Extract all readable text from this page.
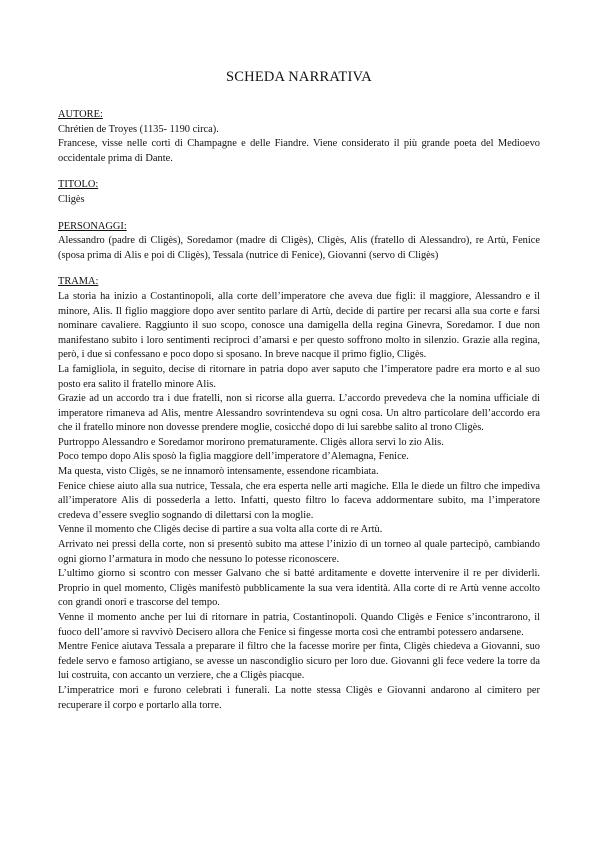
SCHEDA NARRATIVA
AUTORE:

Chrétien de Troyes (1135- 1190 circa).

Francese, visse nelle corti di Champagne e delle Fiandre. Viene considerato il più grande poeta del Medioevo occidentale prima di Dante.

TITOLO:

Cligès

PERSONAGGI:

Alessandro (padre di Cligès), Soredamor (madre di Cligès), Cligès, Alis (fratello di Alessandro), re Artù, Fenice (sposa prima di Alis e poi di Cligès), Tessala (nutrice di Fenice), Giovanni (servo di Cligès)

TRAMA:

La storia ha inizio a Costantinopoli, alla corte dell’imperatore che aveva due figli: il maggiore, Alessandro e il minore, Alis. Il figlio maggiore dopo aver sentito parlare di Artù, decide di partire per recarsi alla sua corte e farsi nominare cavaliere. Raggiunto il suo scopo, conosce una damigella della regina Ginevra, Soredamor. I due non manifestano subito i loro sentimenti reciproci d’amarsi e per questo soffrono molto in silenzio. Grazie alla regina, però, i due si confessano e poco dopo si sposano. In breve nacque il primo figlio, Cligès.

La famigliola, in seguito, decise di ritornare in patria dopo aver saputo che l’imperatore padre era morto e al suo posto era salito il fratello minore Alis.

Grazie ad un accordo tra i due fratelli, non si ricorse alla guerra. L’accordo prevedeva che la nomina ufficiale di imperatore rimaneva ad Alis, mentre Alessandro sovrintendeva su ogni cosa. Un altro particolare dell’accordo era che il fratello minore non dovesse prendere moglie, cosicché dopo di lui sarebbe salito al trono Cligès.

Purtroppo Alessandro e Soredamor morirono prematuramente. Cligès allora servì lo zio Alis.

Poco tempo dopo Alis sposò la figlia maggiore dell’imperatore d’Alemagna, Fenice.

Ma questa, visto Cligès, se ne innamorò intensamente, essendone ricambiata.

Fenice chiese aiuto alla sua nutrice, Tessala, che era esperta nelle arti magiche. Ella le diede un filtro che impediva all’imperatore Alis di possederla a letto. Infatti, questo filtro lo faceva addormentare subito, ma l’imperatore credeva d’essere sveglio sognando di dilettarsi con la moglie.

Venne il momento che Cligès decise di partire a sua volta alla corte di re Artù.

Arrivato nei pressi della corte, non si presentò subito ma attese l’inizio di un torneo al quale partecipò, cambiando ogni giorno l’armatura in modo che nessuno lo potesse riconoscere.

L’ultimo giorno si scontro con messer Galvano che si batté arditamente e dovette intervenire il re per dividerli. Proprio in quel momento, Cligès manifestò pubblicamente la sua vera identità. Alla corte di re Artù venne accolto con grandi onori e trascorse del tempo.

Venne il momento anche per lui di ritornare in patria, Costantinopoli. Quando Cligès e Fenice s’incontrarono, il fuoco dell’amore si ravvivò Decisero allora che Fenice si fingesse morta così che entrambi potessero andarsene.

Mentre Fenice aiutava Tessala a preparare il filtro che la facesse morire per finta, Cligès chiedeva a Giovanni, suo fedele servo e famoso artigiano, se avesse un nascondiglio sicuro per loro due. Giovanni gli fece vedere la torre da lui costruita, con accanto un verziere, che a Cligès piacque.

L’imperatrice morì e furono celebrati i funerali. La notte stessa Cligès e Giovanni andarono al cimitero per recuperare il corpo e portarlo alla torre.
